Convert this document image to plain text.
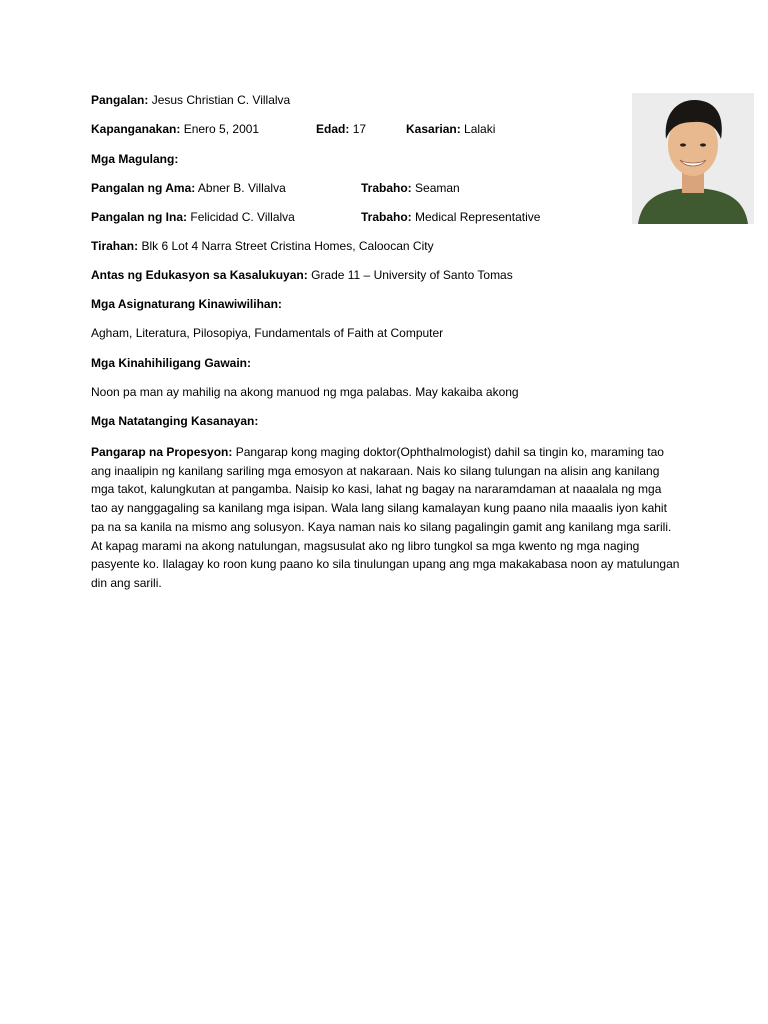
Pangalan: Jesus Christian C. Villalva
Kapanganakan: Enero 5, 2001	Edad: 17	Kasarian: Lalaki
Mga Magulang:
Pangalan ng Ama: Abner B. Villalva	Trabaho: Seaman
Pangalan ng Ina: Felicidad C. Villalva	Trabaho: Medical Representative
Tirahan: Blk 6 Lot 4 Narra Street Cristina Homes, Caloocan City
Antas ng Edukasyon sa Kasalukuyan: Grade 11 – University of Santo Tomas
Mga Asignaturang Kinawiwilihan:
Agham, Literatura, Pilosopiya, Fundamentals of Faith at Computer
Mga Kinahihiligang Gawain:
Noon pa man ay mahilig na akong manuod ng mga palabas. May kakaiba akong
Mga Natatanging Kasanayan:
Pangarap na Propesyon: Pangarap kong maging doktor(Ophthalmologist) dahil sa tingin ko, maraming tao ang inaalipin ng kanilang sariling mga emosyon at nakaraan. Nais ko silang tulungan na alisin ang kanilang mga takot, kalungkutan at pangamba. Naisip ko kasi, lahat ng bagay na nararamdaman at naaalala ng mga tao ay nanggagaling sa kanilang mga isipan. Wala lang silang kamalayan kung paano nila maaalis iyon kahit pa na sa kanila na mismo ang solusyon. Kaya naman nais ko silang pagalingin gamit ang kanilang mga sarili. At kapag marami na akong natulungan, magsusulat ako ng libro tungkol sa mga kwento ng mga naging pasyente ko. Ilalagay ko roon kung paano ko sila tinulungan upang ang mga makakabasa noon ay matulungan din ang sarili.
